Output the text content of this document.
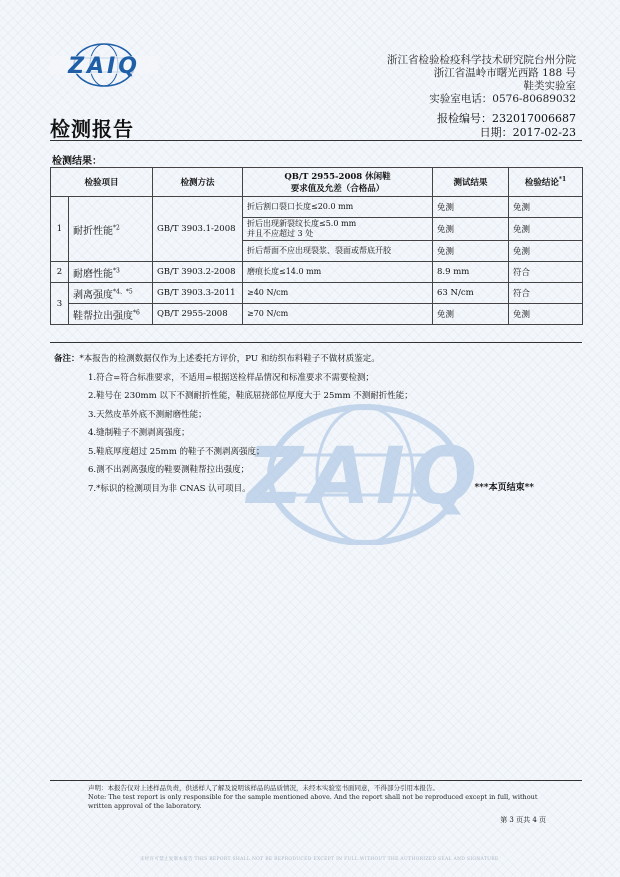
ZAIQ	浙江省检验检疫科学技术研究院台州分院
浙江省温岭市曙光西路 188 号
鞋类实验室
实验室电话：0576-80689032
检测报告	报检编号：232017006687
日期：2017-02-23
检测结果：
检验项目		检测方法	QB/T 2955-2008 休闲鞋
要求值及允差（合格品）	测试结果	检验结论$^{*1}$
1	耐折性能$^{*2}$	GB/T 3903.1-2008	折后割口裂口长度≤20.0 mm	免测	免测

			折后出现新裂纹长度≤5.0 mm
并且不应超过 3 处	免测	免测
			折后帮面不应出现裂浆、裂面或帮底开胶	免测	免测
2	耐磨性能$^{*3}$	GB/T 3903.2-2008	磨痕长度≤14.0 mm	8.9 mm	符合
3	剥离强度$^{*4、*5}$	GB/T 3903.3-2011	≥40 N/cm	63 N/cm	符合
	鞋帮拉出强度$^{*6}$	QB/T 2955-2008	≥70 N/cm	免测	免测
ZAIQ
备注：*本报告的检测数据仅作为上述委托方评价，PU 和纺织布料鞋子不做材质鉴定。
1.符合=符合标准要求，不适用=根据送检样品情况和标准要求不需要检测；
2.鞋号在 230mm 以下不测耐折性能，鞋底屈挠部位厚度大于 25mm 不测耐折性能；
3.天然皮革外底不测耐磨性能；
4.缝制鞋子不测剥离强度；
5.鞋底厚度超过 25mm 的鞋子不测剥离强度；
6.测不出剥离强度的鞋要测鞋帮拉出强度；
7.*标识的检测项目为非 CNAS 认可项目。	***本页结束**
声明：本报告仅对上述样品负责，供送样人了解及说明该样品的品质情况，未经本实验室书面同意，不得部分引用本报告。
Note: The test report is only responsible for the sample mentioned above. And the report shall not be reproduced except in full, without
written approval of the laboratory.
第 3 页共 4 页
未经许可禁止复制本报告 THIS REPORT SHALL NOT BE REPRODUCED EXCEPT IN FULL WITHOUT THE AUTHORIZED SEAL AND SIGNATURE
